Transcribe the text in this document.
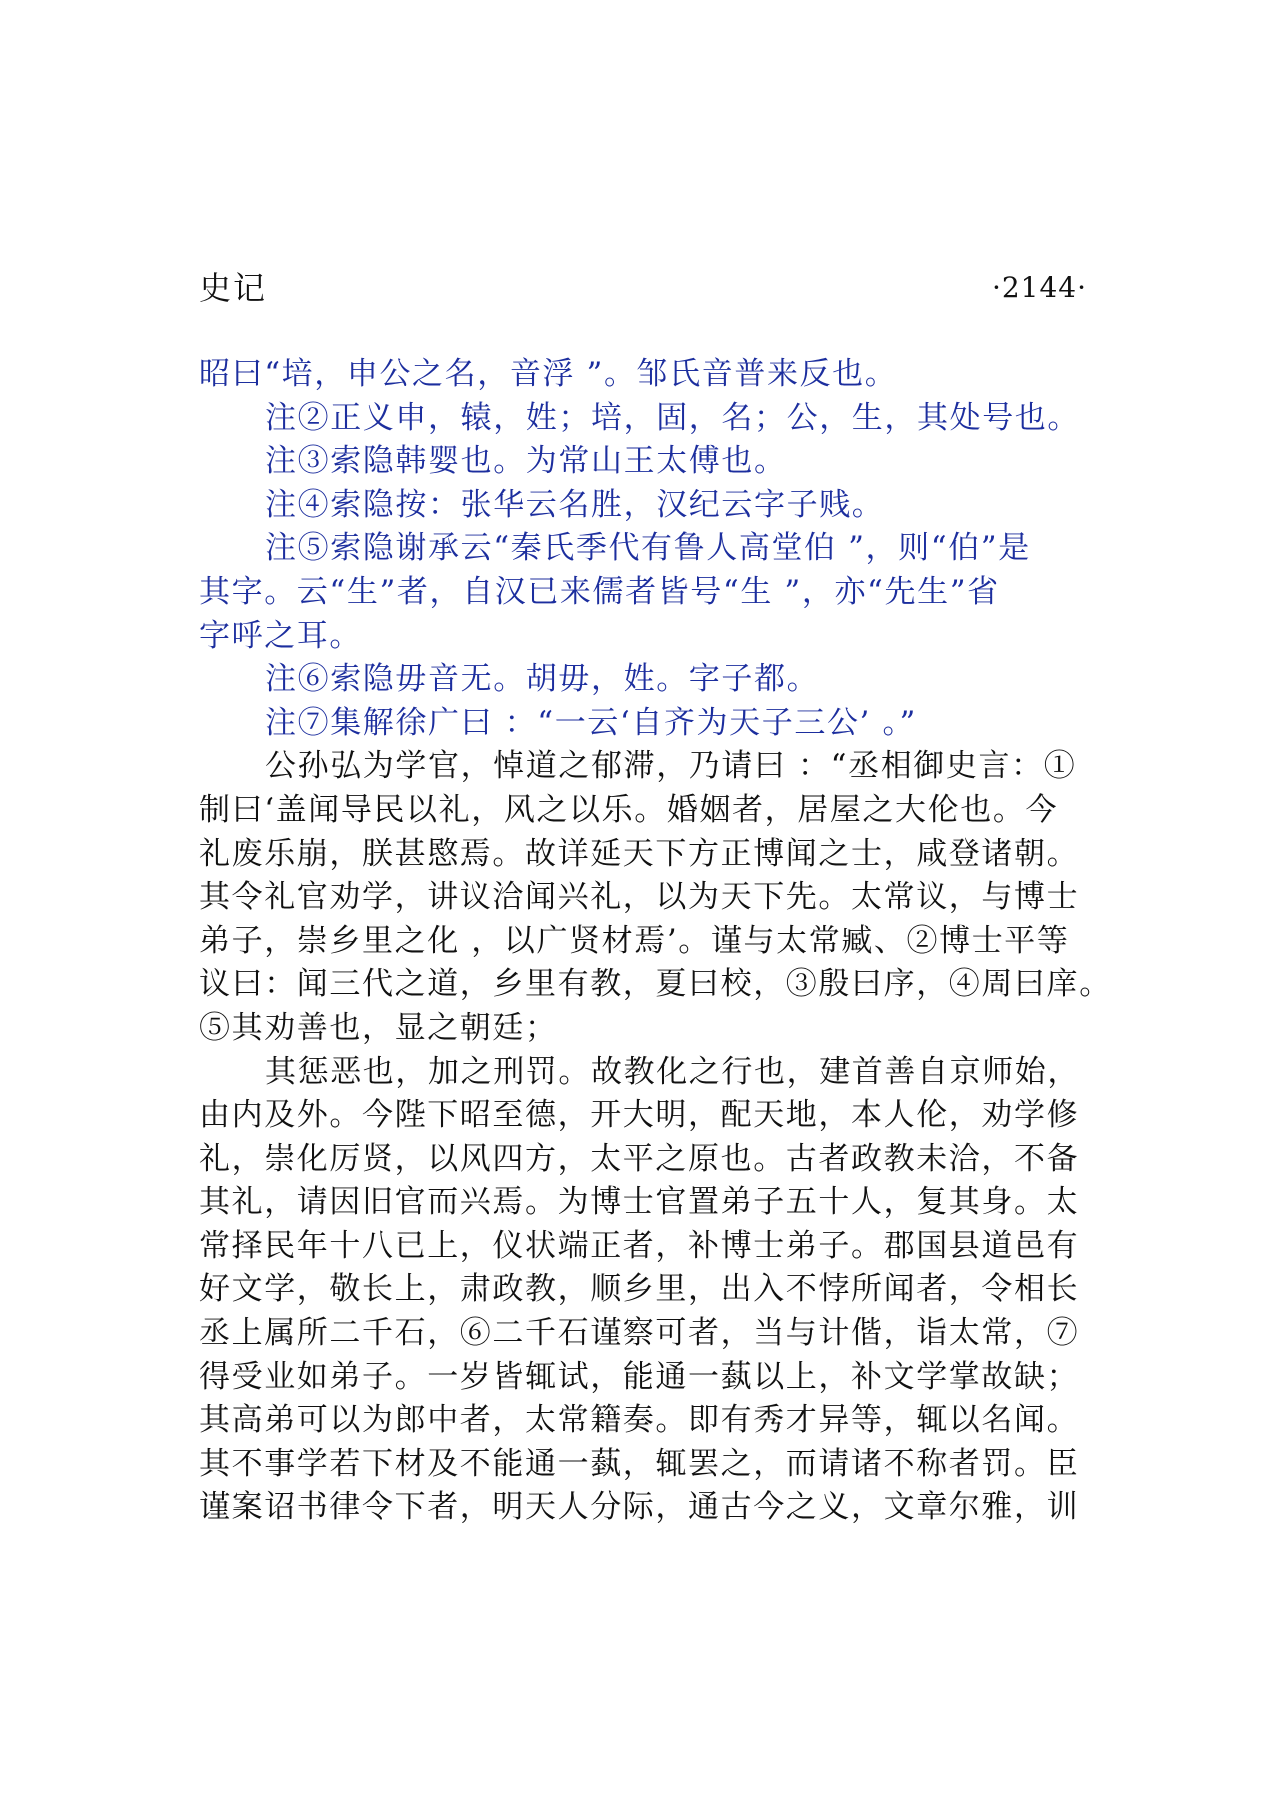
史记	·2144·
昭曰“培，申公之名，音浮 ”。邹氏音普来反也。
注②正义申，辕，姓；培，固，名；公，生，其处号也。
注③索隐韩婴也。为常山王太傅也。
注④索隐按：张华云名胜，汉纪云字子贱。
注⑤索隐谢承云“秦氏季代有鲁人高堂伯 ”，则“伯”是
其字。云“生”者，自汉已来儒者皆号“生 ”，亦“先生”省
字呼之耳。
注⑥索隐毋音无。胡毋，姓。字子都。
注⑦集解徐广曰 ：“一云‘自齐为天子三公’ 。”
公孙弘为学官，悼道之郁滞，乃请曰 ：“丞相御史言：①
制曰‘盖闻导民以礼，风之以乐。婚姻者，居屋之大伦也。今
礼废乐崩，朕甚愍焉。故详延天下方正博闻之士，咸登诸朝。
其令礼官劝学，讲议洽闻兴礼，以为天下先。太常议，与博士
弟子，崇乡里之化 ，以广贤材焉’。谨与太常臧、②博士平等
议曰：闻三代之道，乡里有教，夏曰校，③殷曰序，④周曰庠。
⑤其劝善也，显之朝廷；
其惩恶也，加之刑罚。故教化之行也，建首善自京师始，
由内及外。今陛下昭至德，开大明，配天地，本人伦，劝学修
礼，崇化厉贤，以风四方，太平之原也。古者政教未洽，不备
其礼，请因旧官而兴焉。为博士官置弟子五十人，复其身。太
常择民年十八已上，仪状端正者，补博士弟子。郡国县道邑有
好文学，敬长上，肃政教，顺乡里，出入不悖所闻者，令相长
丞上属所二千石，⑥二千石谨察可者，当与计偕，诣太常，⑦
得受业如弟子。一岁皆辄试，能通一蓺以上，补文学掌故缺；
其高弟可以为郎中者，太常籍奏。即有秀才异等，辄以名闻。
其不事学若下材及不能通一蓺，辄罢之，而请诸不称者罚。臣
谨案诏书律令下者，明天人分际，通古今之义，文章尔雅，训
